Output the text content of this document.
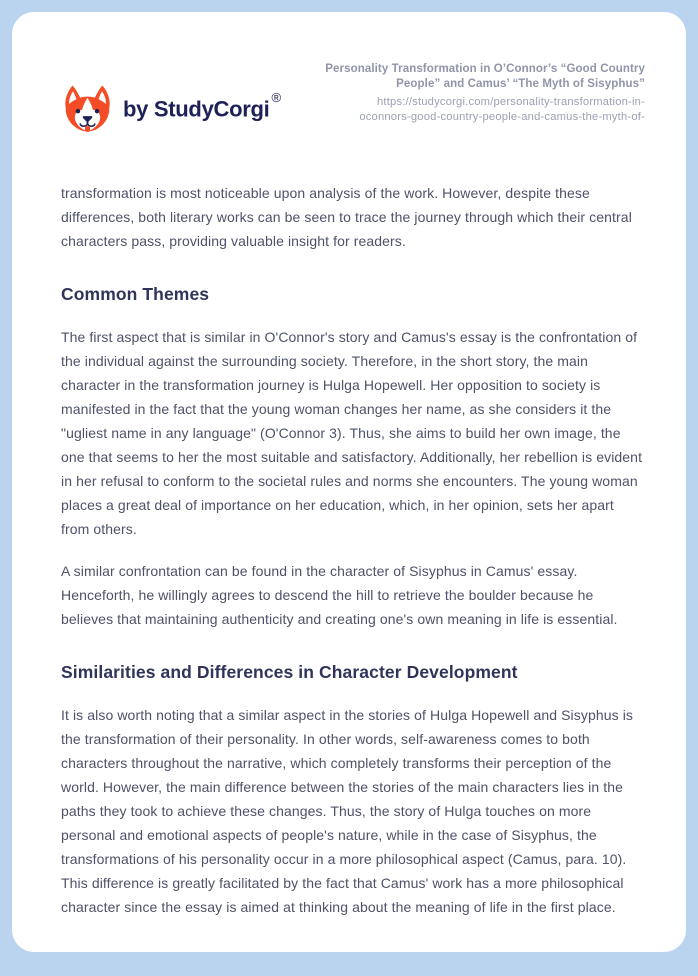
by StudyCorgi ®
Personality Transformation in O’Connor’s “Good Country People” and Camus’ “The Myth of Sisyphus”
https://studycorgi.com/personality-transformation-in-
oconnors-good-country-people-and-camus-the-myth-of-

transformation is most noticeable upon analysis of the work. However, despite these differences, both literary works can be seen to trace the journey through which their central characters pass, providing valuable insight for readers.

Common Themes

The first aspect that is similar in O'Connor's story and Camus's essay is the confrontation of the individual against the surrounding society. Therefore, in the short story, the main character in the transformation journey is Hulga Hopewell. Her opposition to society is manifested in the fact that the young woman changes her name, as she considers it the "ugliest name in any language" (O'Connor 3). Thus, she aims to build her own image, the one that seems to her the most suitable and satisfactory. Additionally, her rebellion is evident in her refusal to conform to the societal rules and norms she encounters. The young woman places a great deal of importance on her education, which, in her opinion, sets her apart from others.

A similar confrontation can be found in the character of Sisyphus in Camus' essay. Henceforth, he willingly agrees to descend the hill to retrieve the boulder because he believes that maintaining authenticity and creating one's own meaning in life is essential.

Similarities and Differences in Character Development

It is also worth noting that a similar aspect in the stories of Hulga Hopewell and Sisyphus is the transformation of their personality. In other words, self-awareness comes to both characters throughout the narrative, which completely transforms their perception of the world. However, the main difference between the stories of the main characters lies in the paths they took to achieve these changes. Thus, the story of Hulga touches on more personal and emotional aspects of people's nature, while in the case of Sisyphus, the transformations of his personality occur in a more philosophical aspect (Camus, para. 10). This difference is greatly facilitated by the fact that Camus' work has a more philosophical character since the essay is aimed at thinking about the meaning of life in the first place.
